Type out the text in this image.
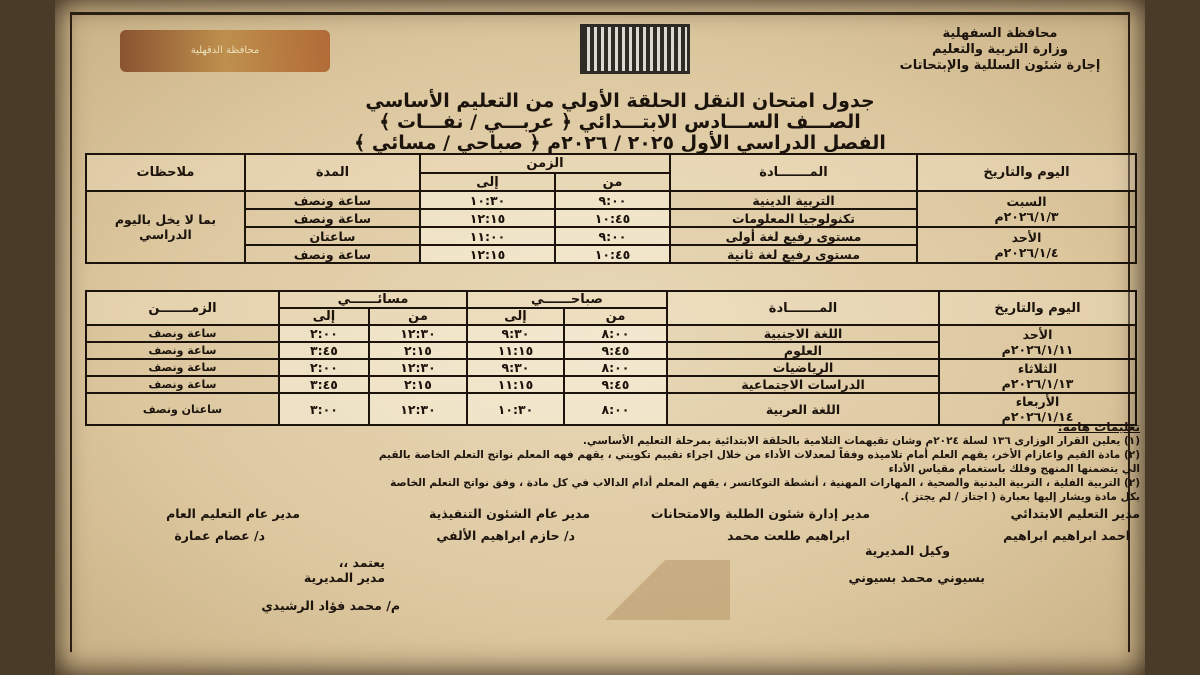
محافظة السفهلية
وزارة التربية والتعليم
إجارة شئون السللية والإبتحاتات
محافظة الدقهلية
جدول امتحان النقل الحلقة الأولي من التعليم الأساسي
الصـــف الســـادس الابتـــدائي ﴿ عربـــي / نفـــات ﴾
الفصل الدراسي الأول ٢٠٢٥ / ٢٠٢٦م ﴿ صباحي / مسائي ﴾
اليوم والتاريخ	المـــــــادة	الزمن		المدة	ملاحظات
		من	إلى		

السبت
٢٠٢٦/١/٣م	التربية الدينية	٩:٠٠	١٠:٣٠	ساعة ونصف	بما لا يخل باليوم الدراسي
	تكنولوجيا المعلومات	١٠:٤٥	١٢:١٥	ساعة ونصف	

الأحد
٢٠٢٦/١/٤م	مستوى رفيع لغة أولى	٩:٠٠	١١:٠٠	ساعتان	
	مستوى رفيع لغة ثانية	١٠:٤٥	١٢:١٥	ساعة ونصف	
اليوم والتاريخ	المـــــــادة	صباحــــــي		مسائــــــي		الزمـــــــن
		من	إلى	من	إلى	

الأحد
٢٠٢٦/١/١١م	اللغة الاجنبية	٨:٠٠	٩:٣٠	١٢:٣٠	٢:٠٠	ساعة ونصف
	العلوم	٩:٤٥	١١:١٥	٢:١٥	٣:٤٥	ساعة ونصف

الثلاثاء
٢٠٢٦/١/١٣م	الرياضيات	٨:٠٠	٩:٣٠	١٢:٣٠	٢:٠٠	ساعة ونصف
	الدراسات الاجتماعية	٩:٤٥	١١:١٥	٢:١٥	٣:٤٥	ساعة ونصف

الأربعاء
٢٠٢٦/١/١٤م	اللغة العربية	٨:٠٠	١٠:٣٠	١٢:٣٠	٣:٠٠	ساعتان ونصف
تعليمات هامة:
(١) يعلين القرار الوزارى ١٣٦ لسلة ٢٠٢٤م وشان تقيهمات التلامية بالحلقة الابتدائية بمرحلة التعليم الأساسي.
(٢) مادة القيم واعازام الأخر، يقهم العلم أمام تلاميذه وفقاً لمعدلات الأداء من خلال اجراء تقييم تكويني ، يقهم فهه المعلم نواتج التعلم الخاصة بالقيم
الي يتضمنها المنهج وفلك باستغمام مقياس الأداء
(٢) التربية الفلية ، التربية البدنية والصحية ، المهارات المهنية ، أنشطة التوكاتسر ، يقهم المعلم أدام الدالاب في كل مادة ، وفق نواتج التعلم الخاصة
بكل مادة ويشار إليها بعبارة ( اجتاز / لم يجتز ).
مدير التعليم الابتدائي
مدير إدارة شئون الطلبة والامتحانات
مدير عام الشئون التنفيذية
مدير عام التعليم العام
احمد ابراهيم ابراهيم
ابراهيم طلعت محمد
د/ حازم ابراهيم الألفي
د/ عصام عمارة
وكيل المديرية
بسيوني محمد بسيوني
يعتمد ،،
مدير المديرية
م/ محمد فؤاد الرشيدي
